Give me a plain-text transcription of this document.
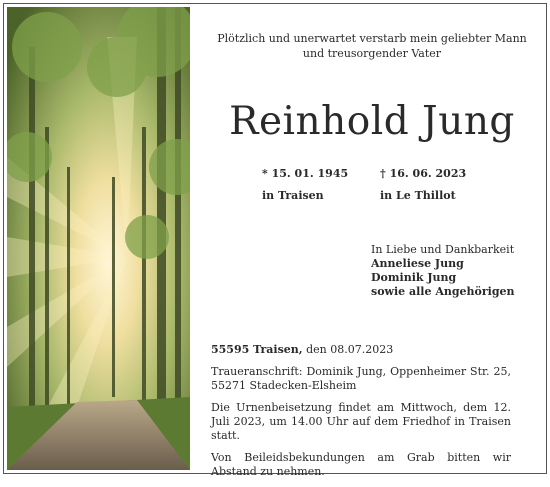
Plötzlich und unerwartet verstarb mein geliebter Mann

und treusorgender Vater

Reinhold Jung
* 15. 01. 1945
in Traisen
† 16. 06. 2023
in Le Thillot
In Liebe und Dankbarkeit
Anneliese Jung
Dominik Jung
sowie alle Angehörigen

55595 Traisen, den 08.07.2023

Traueranschrift: Dominik Jung, Oppenheimer Str. 25, 55271 Stadecken-Elsheim

Die Urnenbeisetzung findet am Mittwoch, dem 12. Juli 2023, um 14.00 Uhr auf dem Friedhof in Traisen statt.

Von Beileidsbekundungen am Grab bitten wir Abstand zu nehmen.
